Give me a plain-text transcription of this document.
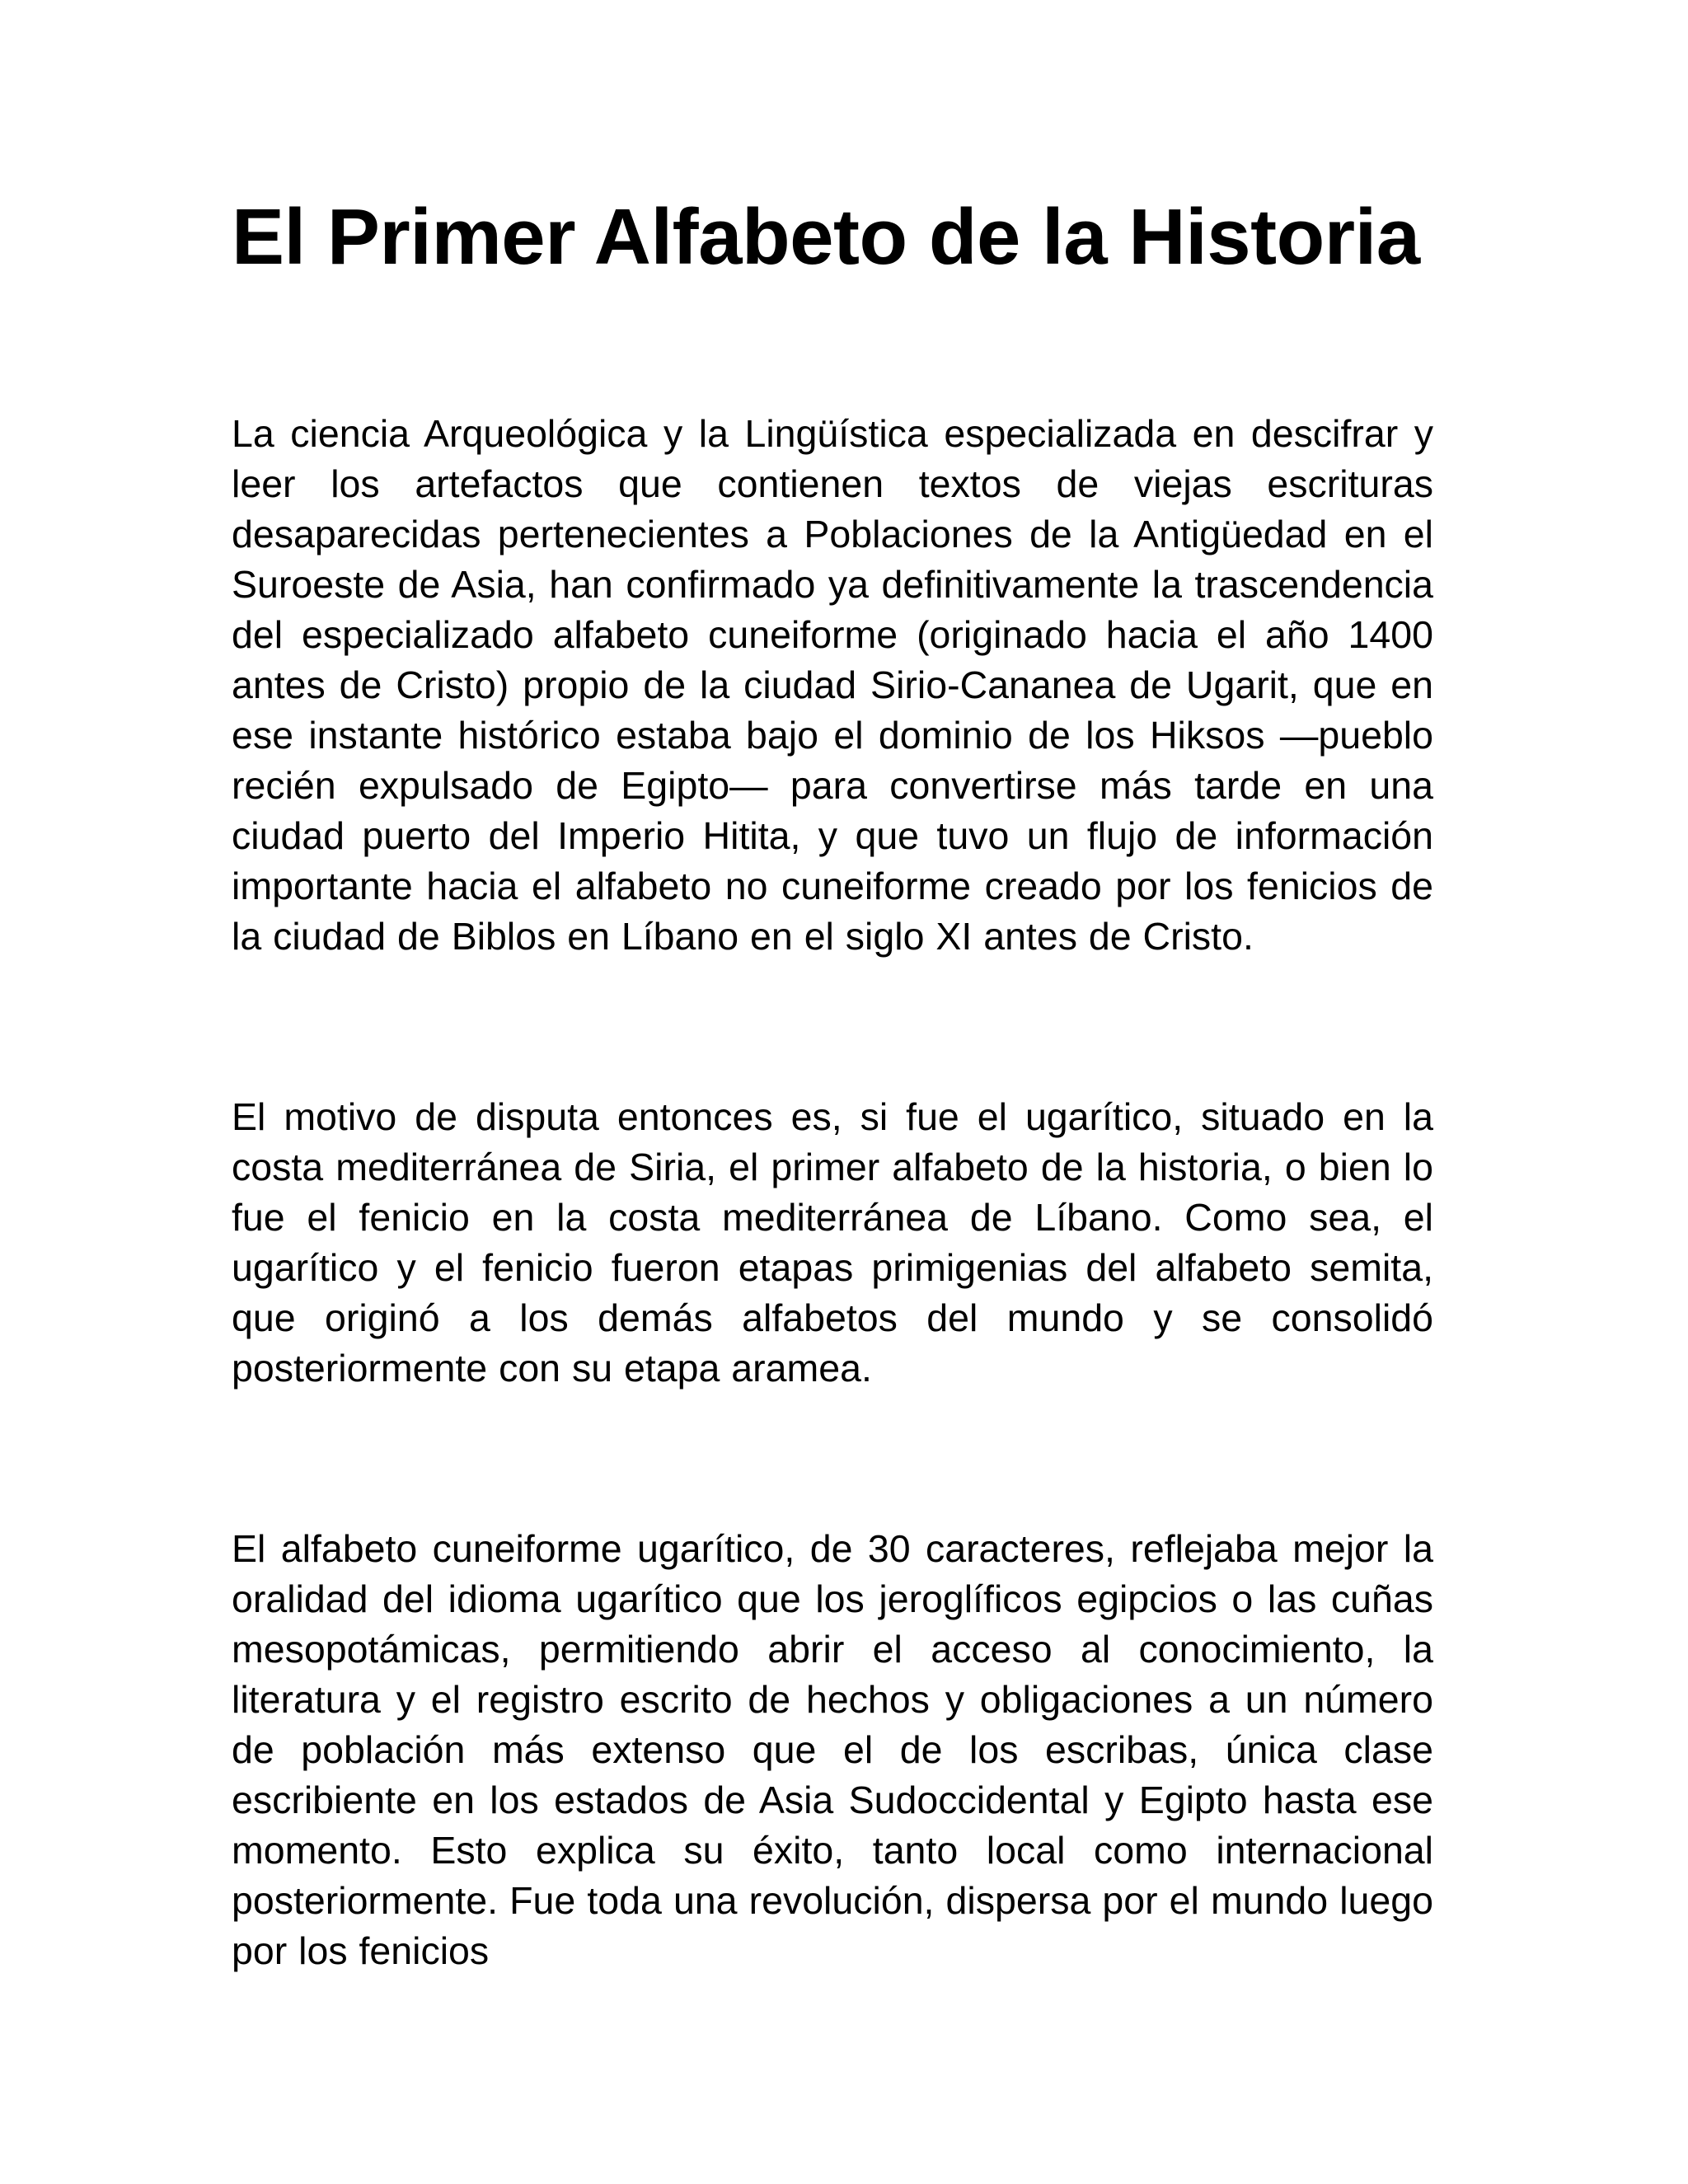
El Primer Alfabeto de la Historia

La ciencia Arqueológica y la Lingüística especializada en descifrar y leer los artefactos que contienen textos de viejas escrituras desaparecidas pertenecientes a Poblaciones de la Antigüedad en el Suroeste de Asia, han confirmado ya definitivamente la trascendencia del especializado alfabeto cuneiforme (originado hacia el año 1400 antes de Cristo) propio de la ciudad Sirio-Cananea de Ugarit, que en ese instante histórico estaba bajo el dominio de los Hiksos —pueblo recién expulsado de Egipto— para convertirse más tarde en una ciudad puerto del Imperio Hitita, y que tuvo un flujo de información importante hacia el alfabeto no cuneiforme creado por los fenicios de la ciudad de Biblos en Líbano en el siglo XI antes de Cristo.

El motivo de disputa entonces es, si fue el ugarítico, situado en la costa mediterránea de Siria, el primer alfabeto de la historia, o bien lo fue el fenicio en la costa mediterránea de Líbano. Como sea, el ugarítico y el fenicio fueron etapas primigenias del alfabeto semita, que originó a los demás alfabetos del mundo y se consolidó posteriormente con su etapa aramea.

El alfabeto cuneiforme ugarítico, de 30 caracteres, reflejaba mejor la oralidad del idioma ugarítico que los jeroglíficos egipcios o las cuñas mesopotámicas, permitiendo abrir el acceso al conocimiento, la literatura y el registro escrito de hechos y obligaciones a un número de población más extenso que el de los escribas, única clase escribiente en los estados de Asia Sudoccidental y Egipto hasta ese momento. Esto explica su éxito, tanto local como internacional posteriormente. Fue toda una revolución, dispersa por el mundo luego por los fenicios
